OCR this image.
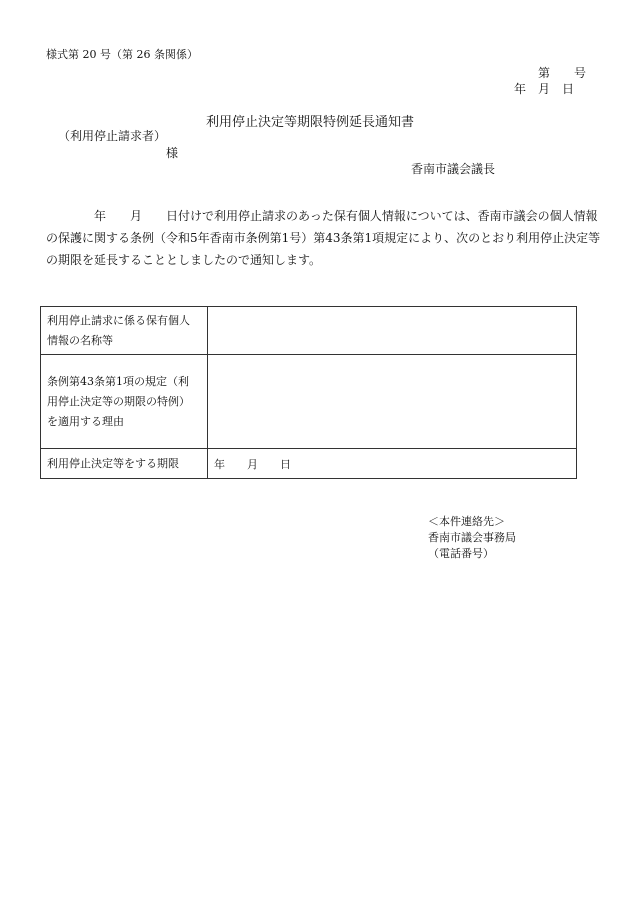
様式第 20 号（第 26 条関係）
第　　号
年　月　日
利用停止決定等期限特例延長通知書
（利用停止請求者）
様
香南市議会議長
年　　月　　日付けで利用停止請求のあった保有個人情報については、香南市議会の個人情報
の保護に関する条例（令和5年香南市条例第1号）第43条第1項規定により、次のとおり利用停止決定等
の期限を延長することとしましたので通知します。
利用停止請求に係る保有個人
情報の名称等	

条例第43条第1項の規定（利
用停止決定等の期限の特例）
を適用する理由	

利用停止決定等をする期限	年　　月　　日
＜本件連絡先＞
香南市議会事務局
（電話番号）
